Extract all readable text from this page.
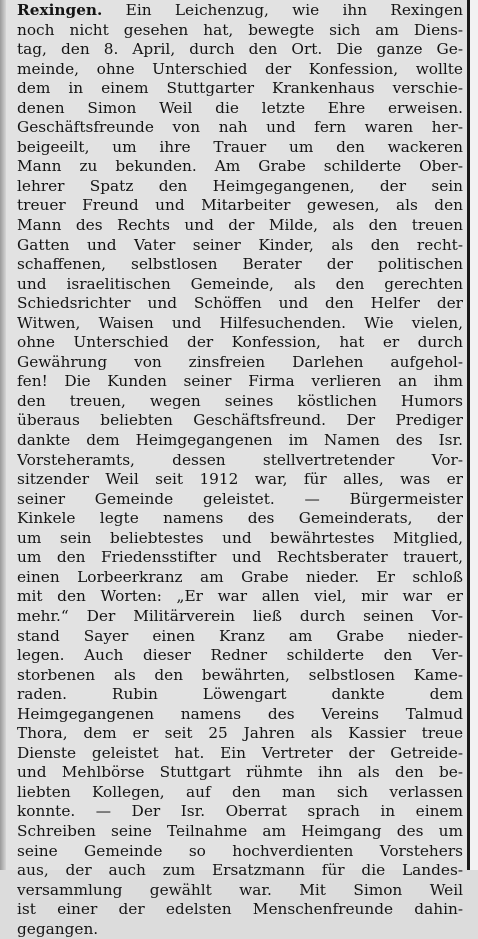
Rexingen. Ein Leichenzug, wie ihn Rexingen
noch nicht gesehen hat, bewegte sich am Diens-
tag, den 8. April, durch den Ort. Die ganze Ge-
meinde, ohne Unterschied der Konfession, wollte
dem in einem Stuttgarter Krankenhaus verschie-
denen Simon Weil die letzte Ehre erweisen.
Geschäftsfreunde von nah und fern waren her-
beigeeilt, um ihre Trauer um den wackeren
Mann zu bekunden. Am Grabe schilderte Ober-
lehrer Spatz den Heimgegangenen, der sein
treuer Freund und Mitarbeiter gewesen, als den
Mann des Rechts und der Milde, als den treuen
Gatten und Vater seiner Kinder, als den recht-
schaffenen, selbstlosen Berater der politischen
und israelitischen Gemeinde, als den gerechten
Schiedsrichter und Schöffen und den Helfer der
Witwen, Waisen und Hilfesuchenden. Wie vielen,
ohne Unterschied der Konfession, hat er durch
Gewährung von zinsfreien Darlehen aufgehol-
fen! Die Kunden seiner Firma verlieren an ihm
den treuen, wegen seines köstlichen Humors
überaus beliebten Geschäftsfreund. Der Prediger
dankte dem Heimgegangenen im Namen des Isr.
Vorsteheramts, dessen stellvertretender Vor-
sitzender Weil seit 1912 war, für alles, was er
seiner Gemeinde geleistet. — Bürgermeister
Kinkele legte namens des Gemeinderats, der
um sein beliebtestes und bewährtestes Mitglied,
um den Friedensstifter und Rechtsberater trauert,
einen Lorbeerkranz am Grabe nieder. Er schloß
mit den Worten: „Er war allen viel, mir war er
mehr.“ Der Militärverein ließ durch seinen Vor-
stand Sayer einen Kranz am Grabe nieder-
legen. Auch dieser Redner schilderte den Ver-
storbenen als den bewährten, selbstlosen Kame-
raden. Rubin Löwengart dankte dem
Heimgegangenen namens des Vereins Talmud
Thora, dem er seit 25 Jahren als Kassier treue
Dienste geleistet hat. Ein Vertreter der Getreide-
und Mehlbörse Stuttgart rühmte ihn als den be-
liebten Kollegen, auf den man sich verlassen
konnte. — Der Isr. Oberrat sprach in einem
Schreiben seine Teilnahme am Heimgang des um
seine Gemeinde so hochverdienten Vorstehers
aus, der auch zum Ersatzmann für die Landes-
versammlung gewählt war. Mit Simon Weil
ist einer der edelsten Menschenfreunde dahin-
gegangen.
